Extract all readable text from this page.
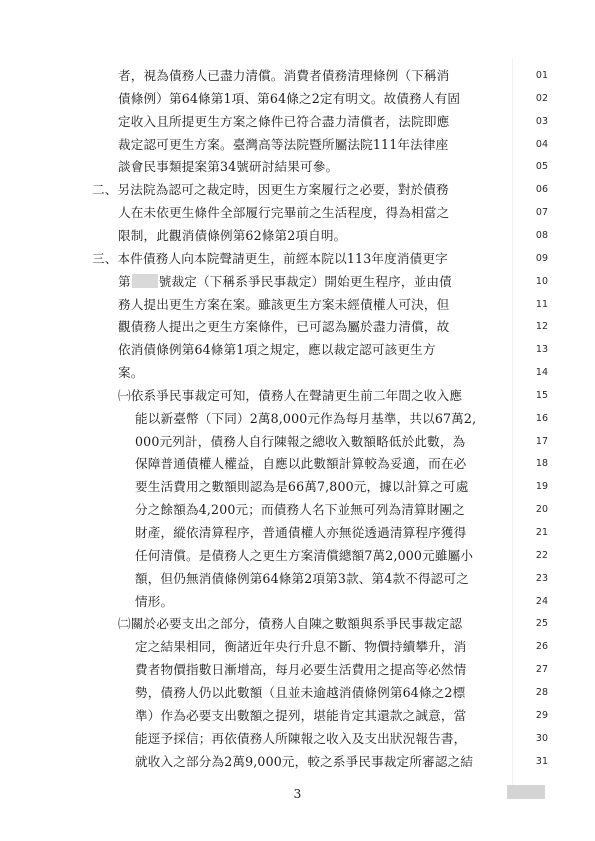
者，視為債務人已盡力清償。消費者債務清理條例（下稱消	01
債條例）第64條第1項、第64條之2定有明文。故債務人有固	02
定收入且所提更生方案之條件已符合盡力清償者，法院即應	03
裁定認可更生方案。臺灣高等法院暨所屬法院111年法律座	04
談會民事類提案第34號研討結果可參。	05
二、另法院為認可之裁定時，因更生方案履行之必要，對於債務	06
人在未依更生條件全部履行完畢前之生活程度，得為相當之	07
限制，此觀消債條例第62條第2項自明。	08
三、本件債務人向本院聲請更生，前經本院以113年度消債更字	09
第 號裁定（下稱系爭民事裁定）開始更生程序，並由債	10
務人提出更生方案在案。雖該更生方案未經債權人可決，但	11
觀債務人提出之更生方案條件，已可認為屬於盡力清償，故	12
依消債條例第64條第1項之規定，應以裁定認可該更生方	13
案。	14
㈠依系爭民事裁定可知，債務人在聲請更生前二年間之收入應	15
能以新臺幣（下同）2萬8,000元作為每月基準，共以67萬2,	16
000元列計，債務人自行陳報之總收入數額略低於此數，為	17
保障普通債權人權益，自應以此數額計算較為妥適，而在必	18
要生活費用之數額則認為是66萬7,800元，據以計算之可處	19
分之餘額為4,200元；而債務人名下並無可列為清算財團之	20
財產，縱依清算程序，普通債權人亦無從透過清算程序獲得	21
任何清償。是債務人之更生方案清償總額7萬2,000元雖屬小	22
額，但仍無消債條例第64條第2項第3款、第4款不得認可之	23
情形。	24
㈡關於必要支出之部分，債務人自陳之數額與系爭民事裁定認	25
定之結果相同，衡諸近年央行升息不斷、物價持續攀升，消	26
費者物價指數日漸增高，每月必要生活費用之提高等必然情	27
勢，債務人仍以此數額（且並未逾越消債條例第64條之2標	28
準）作為必要支出數額之提列，堪能肯定其還款之誠意，當	29
能逕予採信；再依債務人所陳報之收入及支出狀況報告書，	30
就收入之部分為2萬9,000元，較之系爭民事裁定所審認之結	31
3
